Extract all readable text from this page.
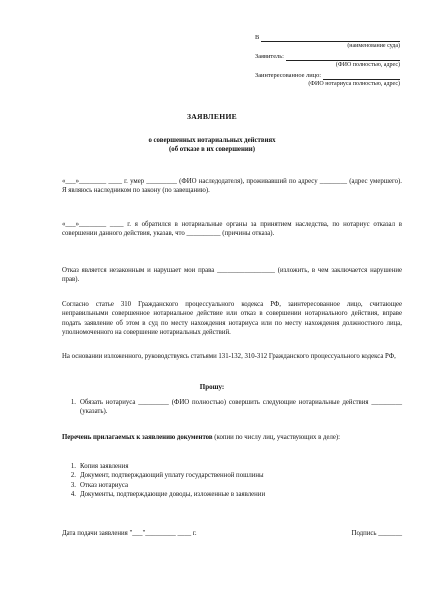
В
(наименование суда)
Заявитель:
(ФИО полностью, адрес)
Заинтересованное лицо:
(ФИО нотариуса полностью, адрес)
ЗАЯВЛЕНИЕ
о совершенных нотариальных действиях
(об отказе в их совершении)

«___»________ ____ г. умер _________ (ФИО наследодателя), проживавший по адресу ________ (адрес умершего). Я являюсь наследником по закону (по завещанию).

«___»________ ____ г. я обратился в нотариальные органы за принятием наследства, по нотариус отказал в совершении данного действия, указав, что __________ (причины отказа).

Отказ является незаконным и нарушает мои права _________________ (изложить, в чем заключается нарушение прав).

Согласно статье 310 Гражданского процессуального кодекса РФ, заинтересованное лицо, считающее неправильными совершенное нотариальное действие или отказ в совершении нотариального действия, вправе подать заявление об этом в суд по месту нахождения нотариуса или по месту нахождения должностного лица, уполномоченного на совершение нотариальных действий.

На основании изложенного, руководствуясь статьями 131-132, 310-312 Гражданского процессуального кодекса РФ,

Прошу:
1. Обязать нотариуса _________ (ФИО полностью) совершить следующие нотариальные действия _________ (указать).

Перечень прилагаемых к заявлению документов (копии по числу лиц, участвующих в деле):

1. Копия заявления
2. Документ, подтверждающий уплату государственной пошлины
3. Отказ нотариуса
4. Документы, подтверждающие доводы, изложенные в заявлении
Дата подачи заявления "___"_________ ____ г.	Подпись _______
